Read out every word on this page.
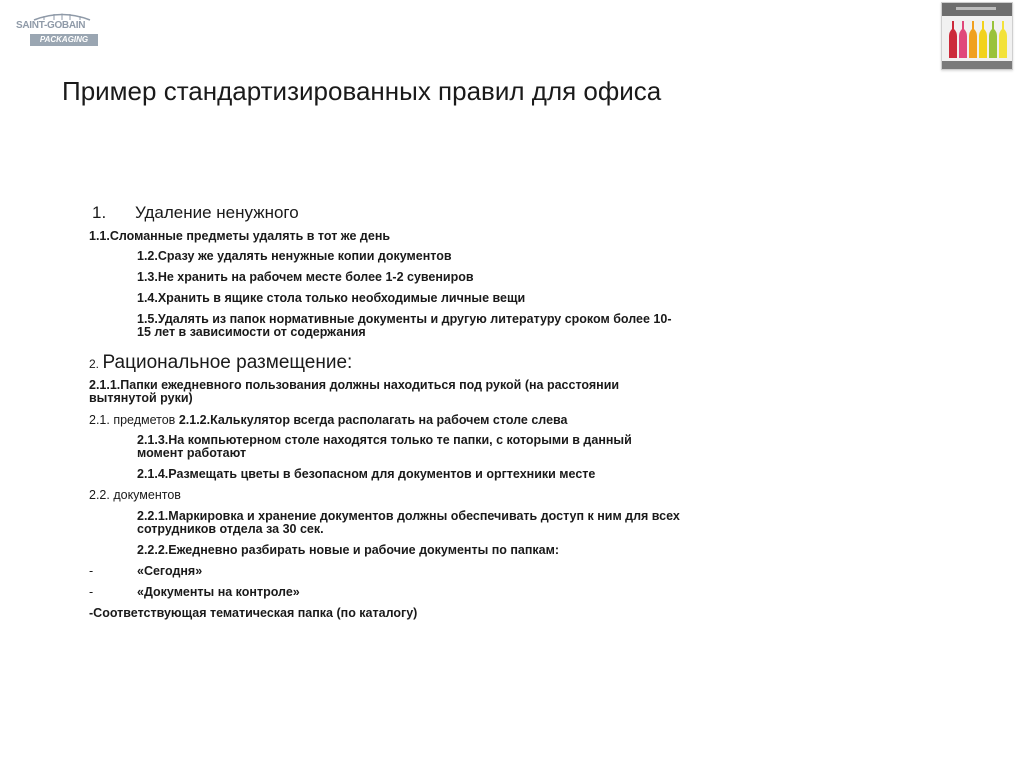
SAINT-GOBAIN
PACKAGING
Пример стандартизированных правил для офиса
1. Удаление ненужного
1.1.Сломанные предметы удалять в тот же день
1.2.Сразу же удалять ненужные копии документов
1.3.Не хранить на рабочем месте более 1-2 сувениров
1.4.Хранить в ящике стола только необходимые личные вещи
1.5.Удалять из папок нормативные документы и другую литературу сроком более 10-
15 лет в зависимости от содержания
2. Рациональное размещение:
2.1.1.Папки ежедневного пользования должны находиться под рукой (на расстоянии
вытянутой руки)
2.1. предметов 2.1.2.Калькулятор всегда располагать на рабочем столе слева
2.1.3.На компьютерном столе находятся только те папки, с которыми в данный
момент работают
2.1.4.Размещать цветы в безопасном для документов и оргтехники месте
2.2. документов
2.2.1.Маркировка и хранение документов должны обеспечивать доступ к ним для всех
сотрудников отдела за 30 сек.
2.2.2.Ежедневно разбирать новые и рабочие документы по папкам:
-	«Сегодня»
-	«Документы на контроле»
-Соответствующая тематическая папка (по каталогу)
